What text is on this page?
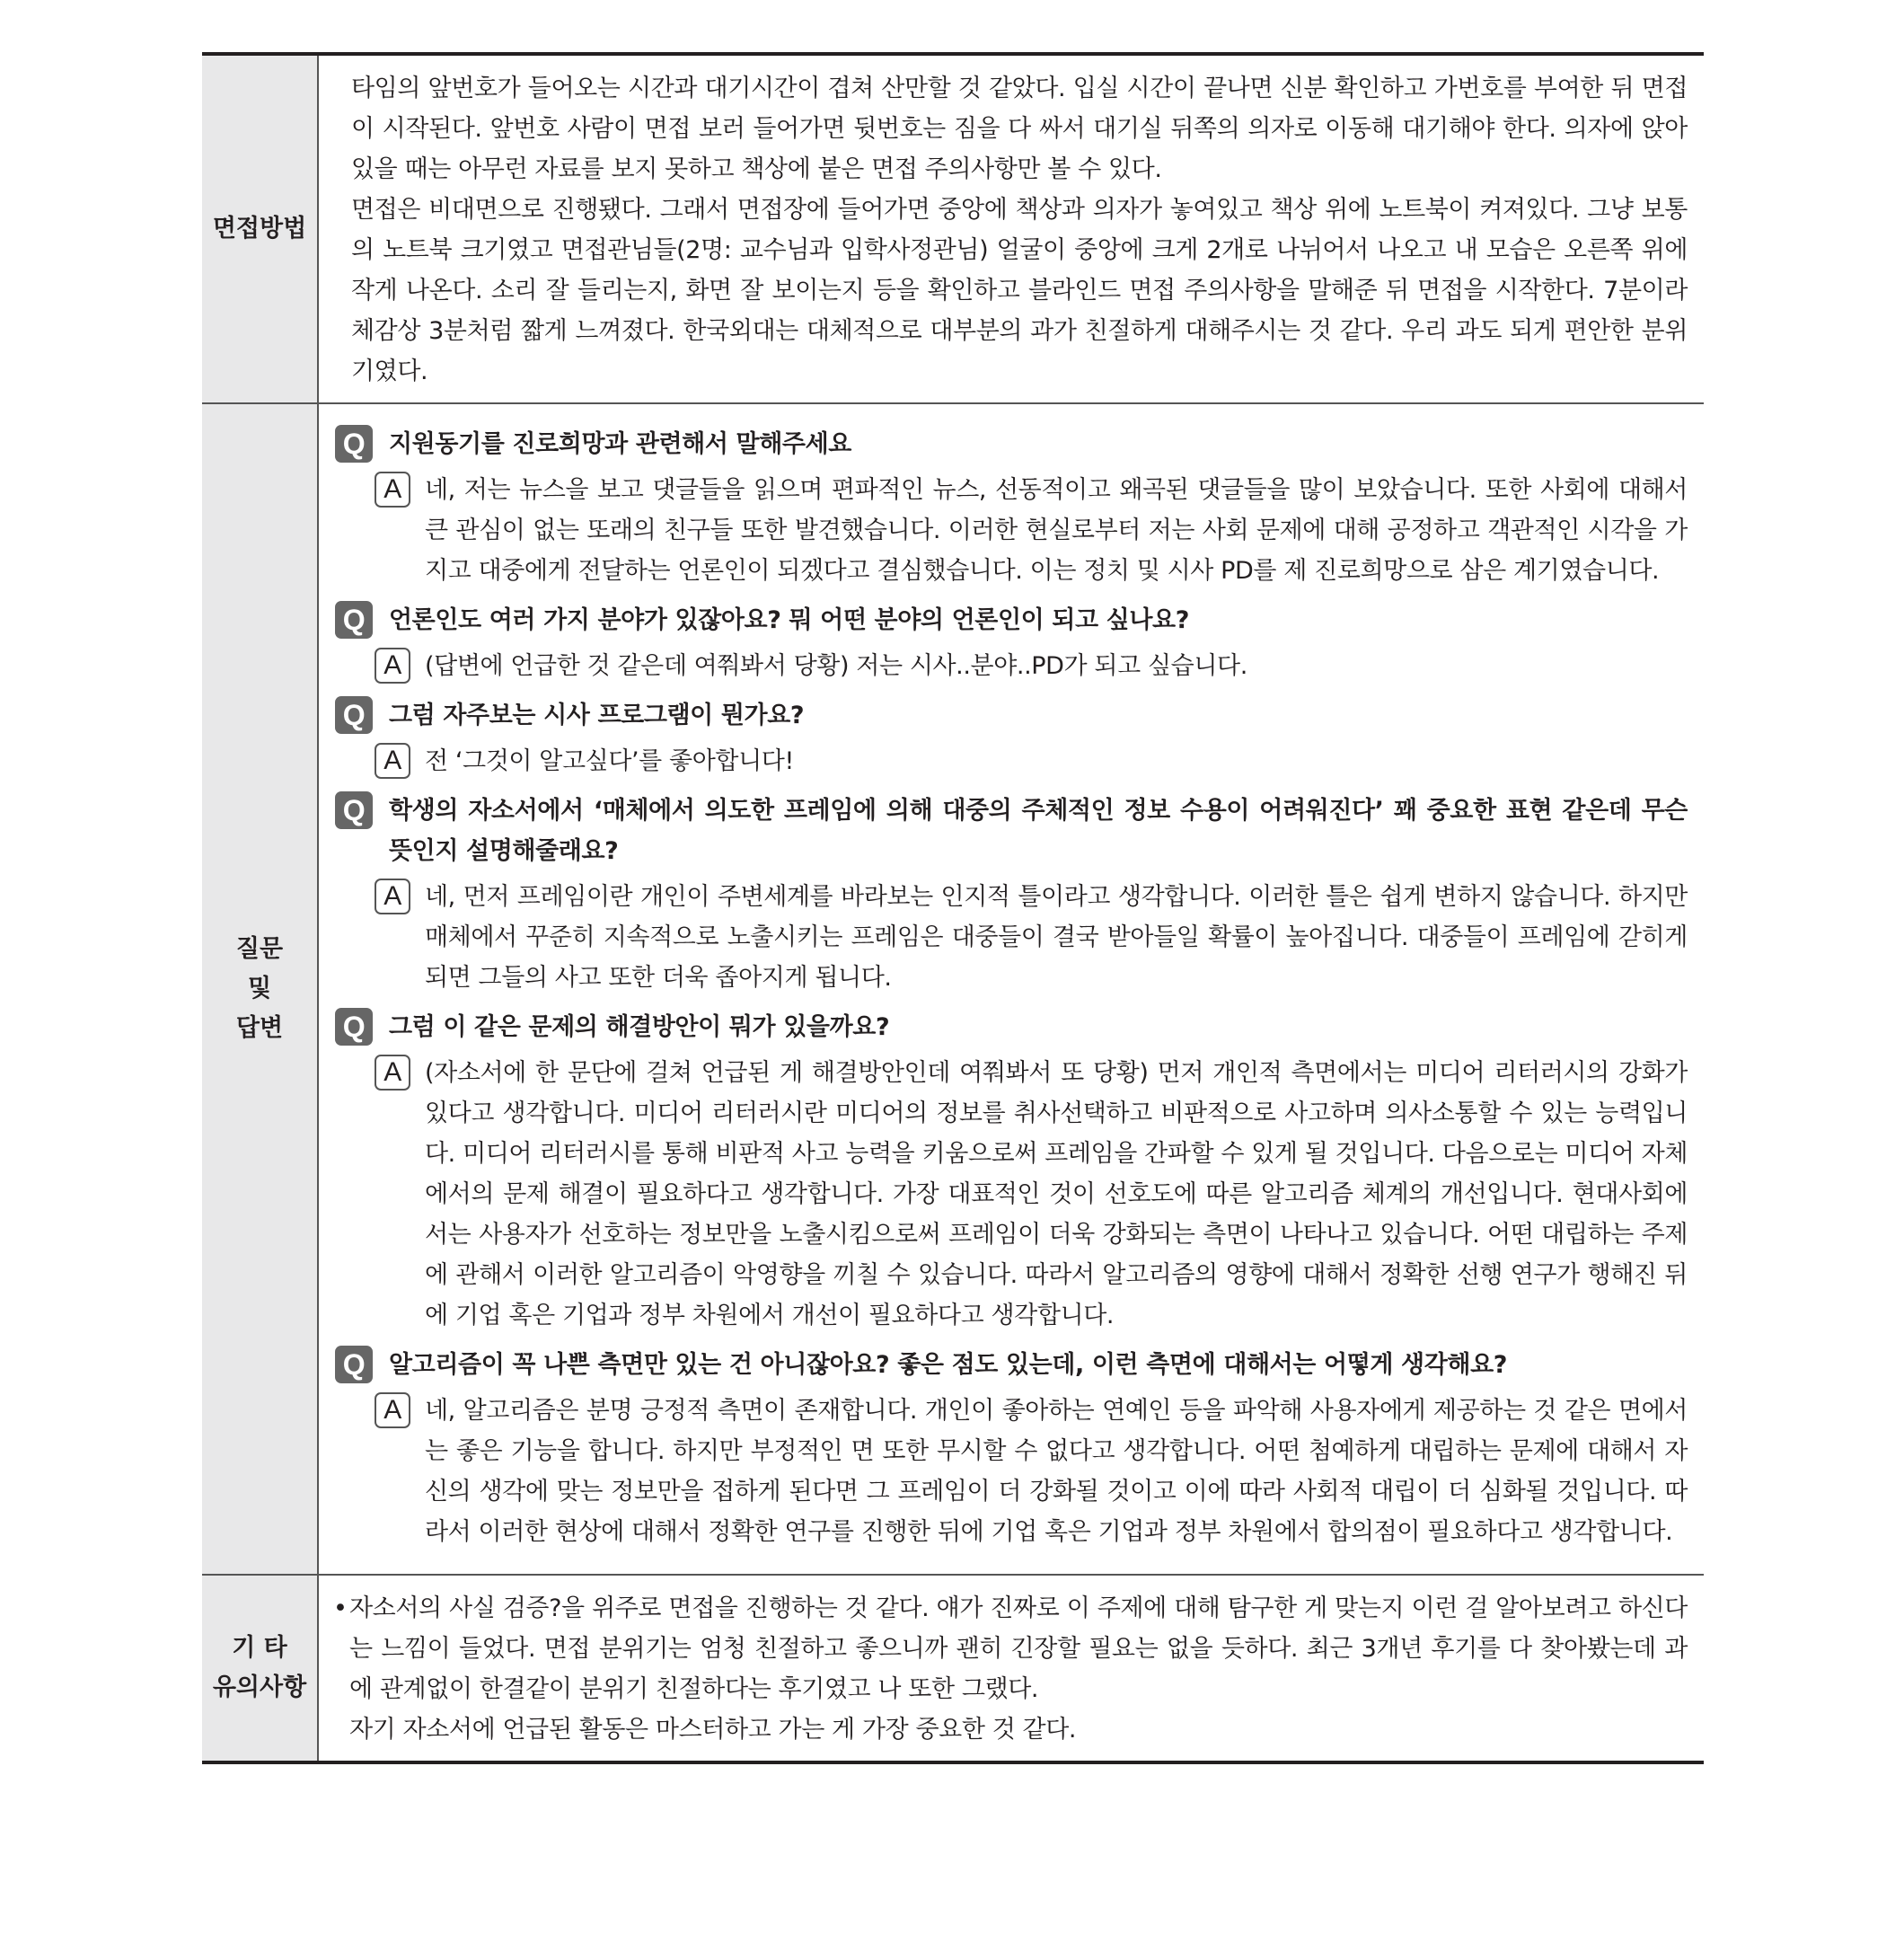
면접방법

타임의 앞번호가 들어오는 시간과 대기시간이 겹쳐 산만할 것 같았다. 입실 시간이 끝나면 신분 확인하고 가번호를 부여한 뒤 면접이 시작된다. 앞번호 사람이 면접 보러 들어가면 뒷번호는 짐을 다 싸서 대기실 뒤쪽의 의자로 이동해 대기해야 한다. 의자에 앉아있을 때는 아무런 자료를 보지 못하고 책상에 붙은 면접 주의사항만 볼 수 있다.

면접은 비대면으로 진행됐다. 그래서 면접장에 들어가면 중앙에 책상과 의자가 놓여있고 책상 위에 노트북이 켜져있다. 그냥 보통의 노트북 크기였고 면접관님들(2명: 교수님과 입학사정관님) 얼굴이 중앙에 크게 2개로 나뉘어서 나오고 내 모습은 오른쪽 위에 작게 나온다. 소리 잘 들리는지, 화면 잘 보이는지 등을 확인하고 블라인드 면접 주의사항을 말해준 뒤 면접을 시작한다. 7분이라 체감상 3분처럼 짧게 느껴졌다. 한국외대는 대체적으로 대부분의 과가 친절하게 대해주시는 것 같다. 우리 과도 되게 편안한 분위기였다.

질문
및
답변
Q 지원동기를 진로희망과 관련해서 말해주세요
A 네, 저는 뉴스을 보고 댓글들을 읽으며 편파적인 뉴스, 선동적이고 왜곡된 댓글들을 많이 보았습니다. 또한 사회에 대해서 큰 관심이 없는 또래의 친구들 또한 발견했습니다. 이러한 현실로부터 저는 사회 문제에 대해 공정하고 객관적인 시각을 가지고 대중에게 전달하는 언론인이 되겠다고 결심했습니다. 이는 정치 및 시사 PD를 제 진로희망으로 삼은 계기였습니다.
Q 언론인도 여러 가지 분야가 있잖아요? 뭐 어떤 분야의 언론인이 되고 싶나요?
A (답변에 언급한 것 같은데 여쭤봐서 당황) 저는 시사..분야..PD가 되고 싶습니다.
Q 그럼 자주보는 시사 프로그램이 뭔가요?
A 전 ‘그것이 알고싶다’를 좋아합니다!
Q 학생의 자소서에서 ‘매체에서 의도한 프레임에 의해 대중의 주체적인 정보 수용이 어려워진다’ 꽤 중요한 표현 같은데 무슨 뜻인지 설명해줄래요?
A 네, 먼저 프레임이란 개인이 주변세계를 바라보는 인지적 틀이라고 생각합니다. 이러한 틀은 쉽게 변하지 않습니다. 하지만 매체에서 꾸준히 지속적으로 노출시키는 프레임은 대중들이 결국 받아들일 확률이 높아집니다. 대중들이 프레임에 갇히게 되면 그들의 사고 또한 더욱 좁아지게 됩니다.
Q 그럼 이 같은 문제의 해결방안이 뭐가 있을까요?
A (자소서에 한 문단에 걸쳐 언급된 게 해결방안인데 여쭤봐서 또 당황) 먼저 개인적 측면에서는 미디어 리터러시의 강화가 있다고 생각합니다. 미디어 리터러시란 미디어의 정보를 취사선택하고 비판적으로 사고하며 의사소통할 수 있는 능력입니다. 미디어 리터러시를 통해 비판적 사고 능력을 키움으로써 프레임을 간파할 수 있게 될 것입니다. 다음으로는 미디어 자체에서의 문제 해결이 필요하다고 생각합니다. 가장 대표적인 것이 선호도에 따른 알고리즘 체계의 개선입니다. 현대사회에서는 사용자가 선호하는 정보만을 노출시킴으로써 프레임이 더욱 강화되는 측면이 나타나고 있습니다. 어떤 대립하는 주제에 관해서 이러한 알고리즘이 악영향을 끼칠 수 있습니다. 따라서 알고리즘의 영향에 대해서 정확한 선행 연구가 행해진 뒤에 기업 혹은 기업과 정부 차원에서 개선이 필요하다고 생각합니다.
Q 알고리즘이 꼭 나쁜 측면만 있는 건 아니잖아요? 좋은 점도 있는데, 이런 측면에 대해서는 어떻게 생각해요?
A 네, 알고리즘은 분명 긍정적 측면이 존재합니다. 개인이 좋아하는 연예인 등을 파악해 사용자에게 제공하는 것 같은 면에서는 좋은 기능을 합니다. 하지만 부정적인 면 또한 무시할 수 없다고 생각합니다. 어떤 첨예하게 대립하는 문제에 대해서 자신의 생각에 맞는 정보만을 접하게 된다면 그 프레임이 더 강화될 것이고 이에 따라 사회적 대립이 더 심화될 것입니다. 따라서 이러한 현상에 대해서 정확한 연구를 진행한 뒤에 기업 혹은 기업과 정부 차원에서 합의점이 필요하다고 생각합니다.
기 타
유의사항
• 자소서의 사실 검증?을 위주로 면접을 진행하는 것 같다. 얘가 진짜로 이 주제에 대해 탐구한 게 맞는지 이런 걸 알아보려고 하신다는 느낌이 들었다. 면접 분위기는 엄청 친절하고 좋으니까 괜히 긴장할 필요는 없을 듯하다. 최근 3개년 후기를 다 찾아봤는데 과에 관계없이 한결같이 분위기 친절하다는 후기였고 나 또한 그랬다.
자기 자소서에 언급된 활동은 마스터하고 가는 게 가장 중요한 것 같다.
